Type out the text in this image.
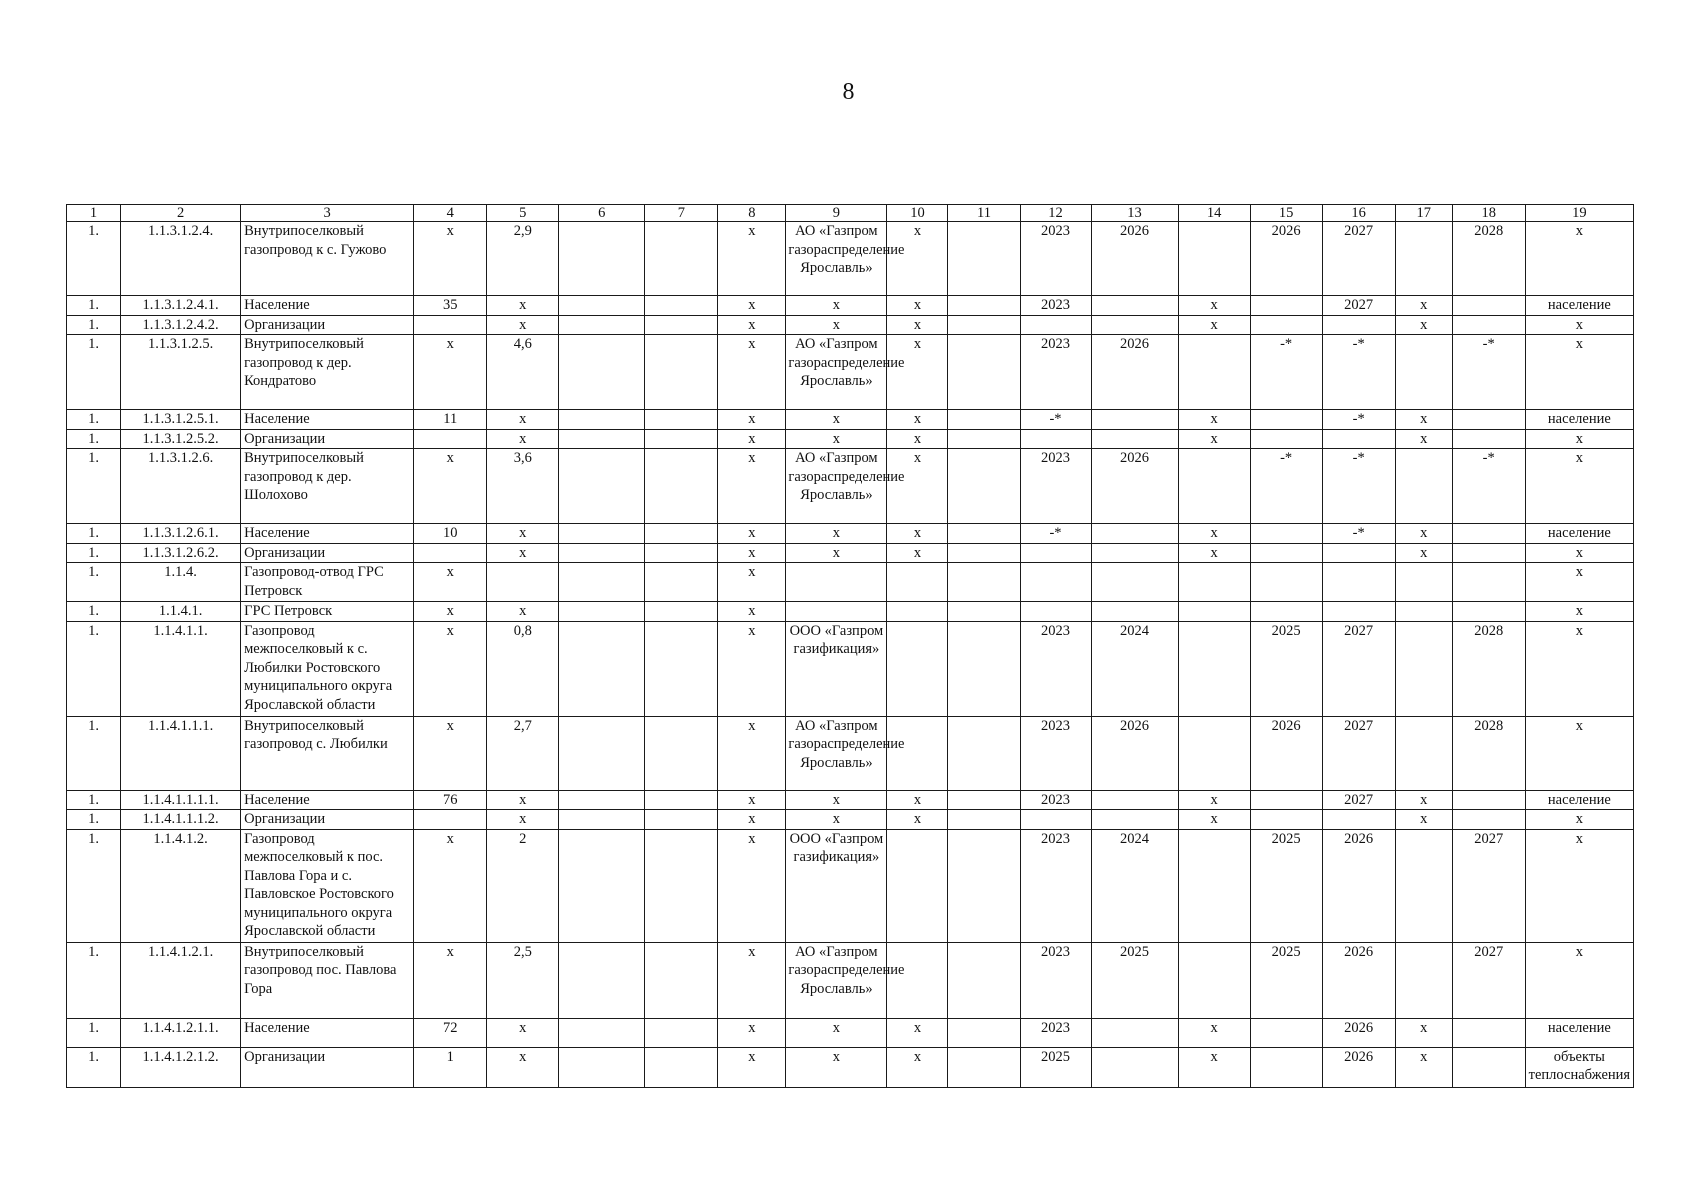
8
1	2	3	4	5	6	7	8	9	10	11	12	13	14	15	16	17	18	19
1.	1.1.3.1.2.4.	Внутрипоселковый газопровод к с. Гужово	х	2,9			х	АО «Газпром газораспределение Ярославль»	х		2023	2026		2026	2027		2028	х
1.	1.1.3.1.2.4.1.	Население	35	х			х	х	х		2023		х		2027	х		население
1.	1.1.3.1.2.4.2.	Организации		х			х	х	х				х			х		х
1.	1.1.3.1.2.5.	Внутрипоселковый газопровод к дер. Кондратово	х	4,6			х	АО «Газпром газораспределение Ярославль»	х		2023	2026		-*	-*		-*	х
1.	1.1.3.1.2.5.1.	Население	11	х			х	х	х		-*		х		-*	х		население
1.	1.1.3.1.2.5.2.	Организации		х			х	х	х				х			х		х
1.	1.1.3.1.2.6.	Внутрипоселковый газопровод к дер. Шолохово	х	3,6			х	АО «Газпром газораспределение Ярославль»	х		2023	2026		-*	-*		-*	х
1.	1.1.3.1.2.6.1.	Население	10	х			х	х	х		-*		х		-*	х		население
1.	1.1.3.1.2.6.2.	Организации		х			х	х	х				х			х		х
1.	1.1.4.	Газопровод-отвод ГРС Петровск	х				х											х
1.	1.1.4.1.	ГРС Петровск	х	х			х											х
1.	1.1.4.1.1.	Газопровод межпоселковый к с. Любилки Ростовского муниципального округа Ярославской области	х	0,8			х	ООО «Газпром газификация»			2023	2024		2025	2027		2028	х
1.	1.1.4.1.1.1.	Внутрипоселковый газопровод с. Любилки	х	2,7			х	АО «Газпром газораспределение Ярославль»			2023	2026		2026	2027		2028	х
1.	1.1.4.1.1.1.1.	Население	76	х			х	х	х		2023		х		2027	х		население
1.	1.1.4.1.1.1.2.	Организации		х			х	х	х				х			х		х
1.	1.1.4.1.2.	Газопровод межпоселковый к пос. Павлова Гора и с. Павловское Ростовского муниципального округа Ярославской области	х	2			х	ООО «Газпром газификация»			2023	2024		2025	2026		2027	х
1.	1.1.4.1.2.1.	Внутрипоселковый газопровод пос. Павлова Гора	х	2,5			х	АО «Газпром газораспределение Ярославль»			2023	2025		2025	2026		2027	х
1.	1.1.4.1.2.1.1.	Население	72	х			х	х	х		2023		х		2026	х		население
1.	1.1.4.1.2.1.2.	Организации	1	х			х	х	х		2025		х		2026	х		объекты теплоснабжения
